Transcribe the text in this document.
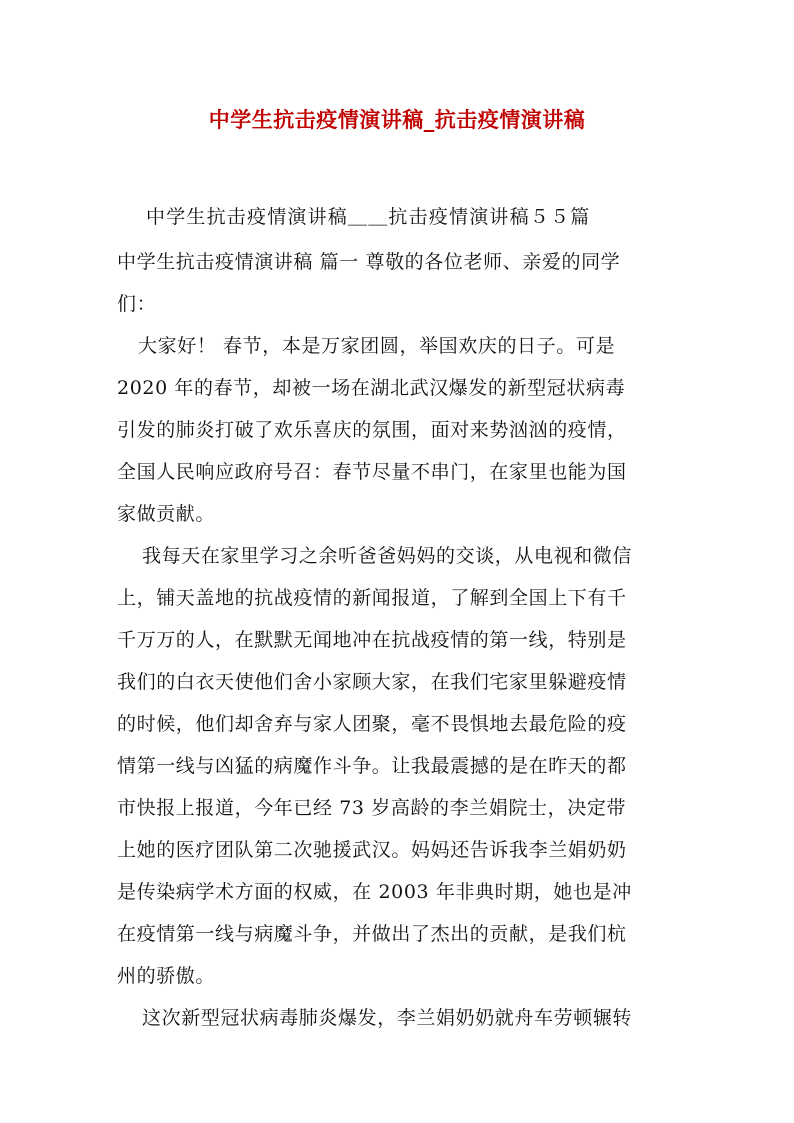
中学生抗击疫情演讲稿_抗击疫情演讲稿
中学生抗击疫情演讲稿＿＿抗击疫情演讲稿５５篇
中学生抗击疫情演讲稿 篇一 尊敬的各位老师、亲爱的同学
们：
大家好！ 春节，本是万家团圆，举国欢庆的日子。可是
2020 年的春节，却被一场在湖北武汉爆发的新型冠状病毒
引发的肺炎打破了欢乐喜庆的氛围，面对来势汹汹的疫情，
全国人民响应政府号召：春节尽量不串门，在家里也能为国
家做贡献。
我每天在家里学习之余听爸爸妈妈的交谈，从电视和微信
上，铺天盖地的抗战疫情的新闻报道，了解到全国上下有千
千万万的人，在默默无闻地冲在抗战疫情的第一线，特别是
我们的白衣天使他们舍小家顾大家，在我们宅家里躲避疫情
的时候，他们却舍弃与家人团聚，毫不畏惧地去最危险的疫
情第一线与凶猛的病魔作斗争。让我最震撼的是在昨天的都
市快报上报道，今年已经 73 岁高龄的李兰娟院士，决定带
上她的医疗团队第二次驰援武汉。妈妈还告诉我李兰娟奶奶
是传染病学术方面的权威，在 2003 年非典时期，她也是冲
在疫情第一线与病魔斗争，并做出了杰出的贡献，是我们杭
州的骄傲。
这次新型冠状病毒肺炎爆发，李兰娟奶奶就舟车劳顿辗转
